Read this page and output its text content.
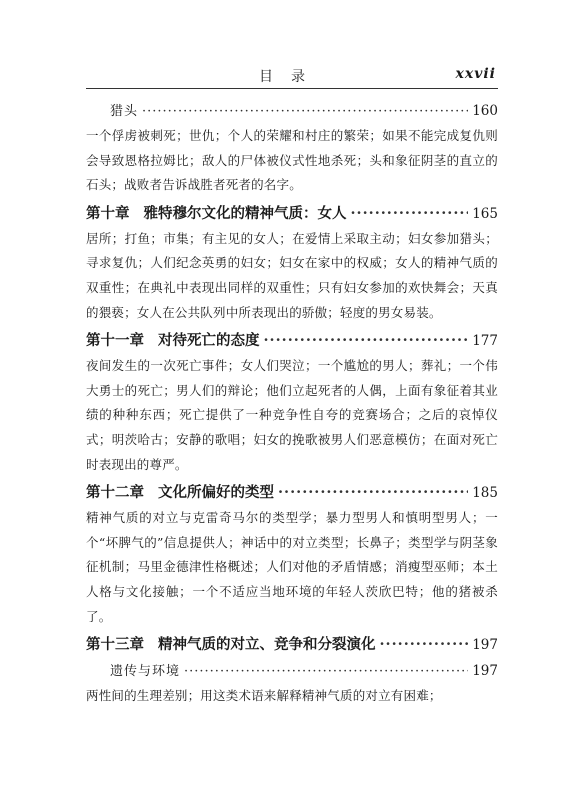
目录	xxvii
猎头 ·····	160
一个俘虏被刺死；世仇；个人的荣耀和村庄的繁荣；如果不能完成复仇则会导致恩格拉姆比；敌人的尸体被仪式性地杀死；头和象征阴茎的直立的石头；战败者告诉战胜者死者的名字。
第十章 雅特穆尔文化的精神气质：女人 ·····	165
居所；打鱼；市集；有主见的女人；在爱情上采取主动；妇女参加猎头；寻求复仇；人们纪念英勇的妇女；妇女在家中的权威；女人的精神气质的双重性；在典礼中表现出同样的双重性；只有妇女参加的欢快舞会；天真的猥亵；女人在公共队列中所表现出的骄傲；轻度的男女易装。
第十一章 对待死亡的态度 ·····	177
夜间发生的一次死亡事件；女人们哭泣；一个尴尬的男人；葬礼；一个伟大勇士的死亡；男人们的辩论；他们立起死者的人偶，上面有象征着其业绩的种种东西；死亡提供了一种竞争性自夸的竞赛场合；之后的哀悼仪式；明茨哈古；安静的歌唱；妇女的挽歌被男人们恶意模仿；在面对死亡时表现出的尊严。
第十二章 文化所偏好的类型 ·····	185
精神气质的对立与克雷奇马尔的类型学；暴力型男人和慎明型男人；一个“坏脾气的”信息提供人；神话中的对立类型；长鼻子；类型学与阴茎象征机制；马里金德津性格概述；人们对他的矛盾情感；消瘦型巫师；本土人格与文化接触；一个不适应当地环境的年轻人茨欣巴特；他的猪被杀了。
第十三章 精神气质的对立、竞争和分裂演化 ·····	197
遗传与环境 ·····	197
两性间的生理差别；用这类术语来解释精神气质的对立有困难；
